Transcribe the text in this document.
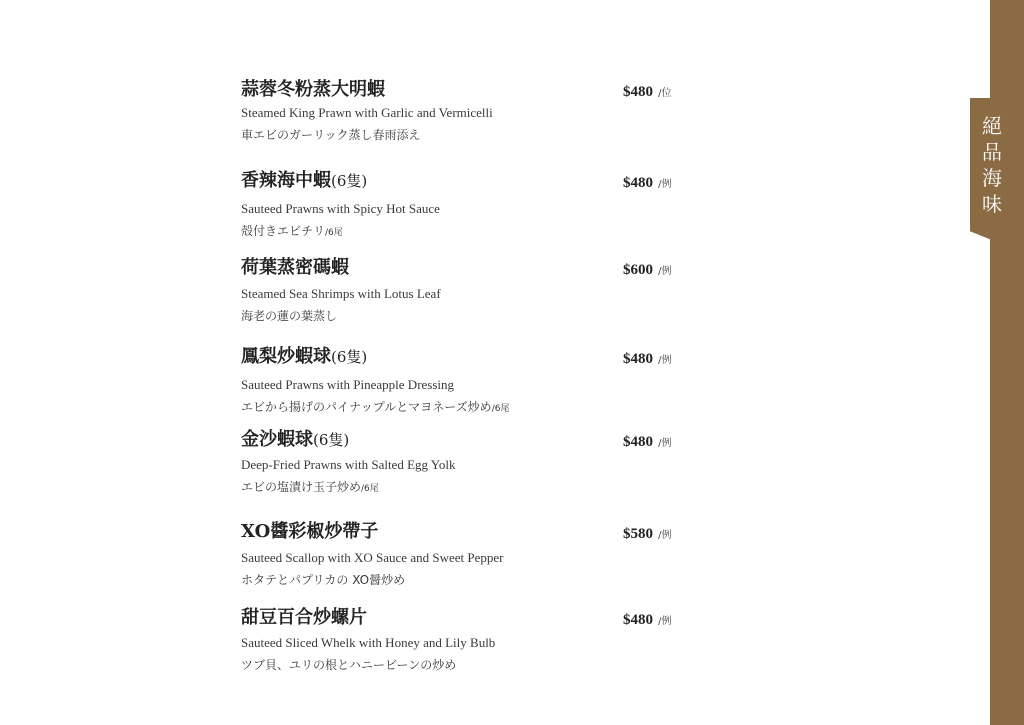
絕
品
海
味
蒜蓉冬粉蒸大明蝦
Steamed King Prawn with Garlic and Vermicelli
車エビのガーリック蒸し春雨添え
$480 /位
香辣海中蝦(6隻)
Sauteed Prawns with Spicy Hot Sauce
殻付きエビチリ/6尾
$480 /例
荷葉蒸密碼蝦
Steamed Sea Shrimps with Lotus Leaf
海老の蓮の葉蒸し
$600 /例
鳳梨炒蝦球(6隻)
Sauteed Prawns with Pineapple Dressing
エビから揚げのパイナップルとマヨネーズ炒め/6尾
$480 /例
金沙蝦球(6隻)
Deep-Fried Prawns with Salted Egg Yolk
エビの塩漬け玉子炒め/6尾
$480 /例
XO醬彩椒炒帶子
Sauteed Scallop with XO Sauce and Sweet Pepper
ホタテとパプリカの XO醤炒め
$580 /例
甜豆百合炒螺片
Sauteed Sliced Whelk with Honey and Lily Bulb
ツブ貝、ユリの根とハニービーンの炒め
$480 /例
